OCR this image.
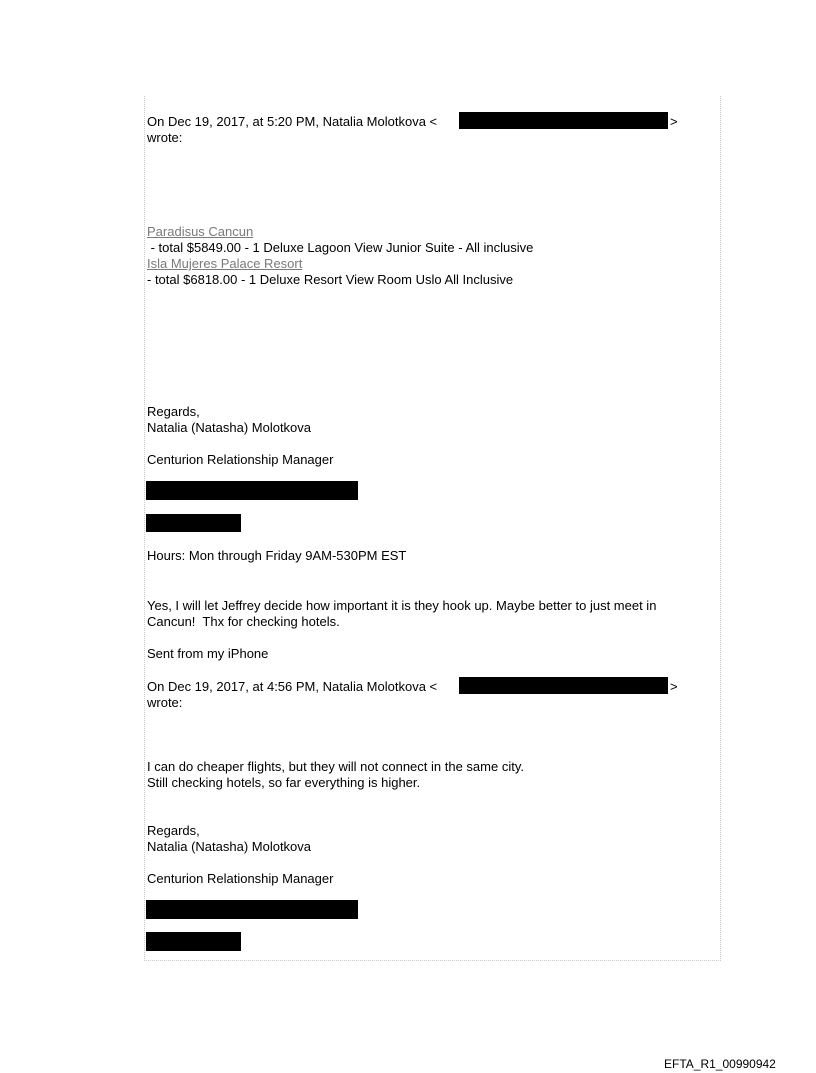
On Dec 19, 2017, at 5:20 PM, Natalia Molotkova <	>
wrote:
Paradisus Cancun
- total $5849.00 - 1 Deluxe Lagoon View Junior Suite - All inclusive
Isla Mujeres Palace Resort
- total $6818.00 - 1 Deluxe Resort View Room Uslo All Inclusive
Regards,
Natalia (Natasha) Molotkova
Centurion Relationship Manager
Hours: Mon through Friday 9AM-530PM EST
Yes, I will let Jeffrey decide how important it is they hook up. Maybe better to just meet in
Cancun!  Thx for checking hotels.
Sent from my iPhone
On Dec 19, 2017, at 4:56 PM, Natalia Molotkova <	>
wrote:
I can do cheaper flights, but they will not connect in the same city.
Still checking hotels, so far everything is higher.
Regards,
Natalia (Natasha) Molotkova
Centurion Relationship Manager
EFTA_R1_00990942
